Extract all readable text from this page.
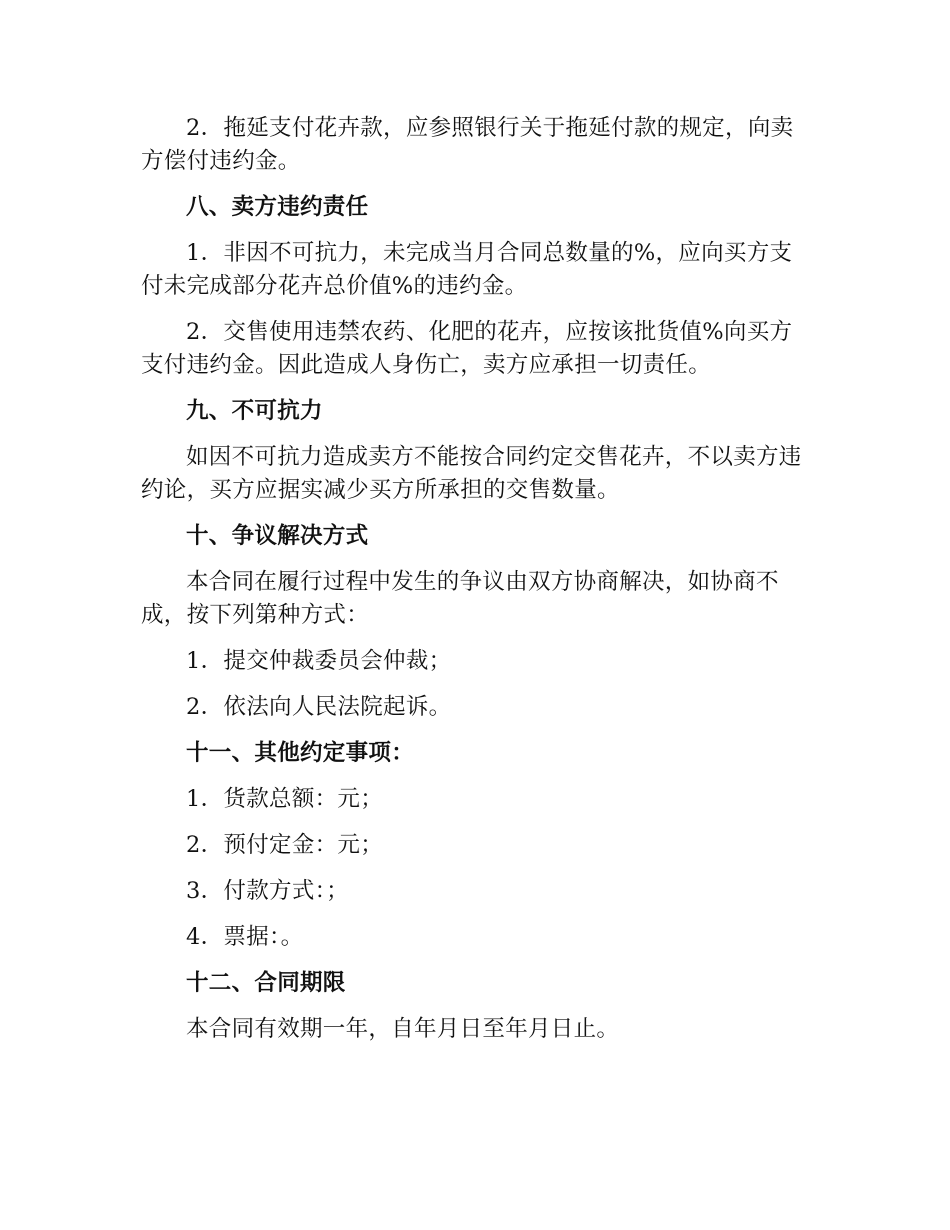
2．拖延支付花卉款，应参照银行关于拖延付款的规定，向卖方偿付违约金。

八、卖方违约责任

1．非因不可抗力，未完成当月合同总数量的%，应向买方支付未完成部分花卉总价值%的违约金。

2．交售使用违禁农药、化肥的花卉，应按该批货值%向买方支付违约金。因此造成人身伤亡，卖方应承担一切责任。

九、不可抗力

如因不可抗力造成卖方不能按合同约定交售花卉，不以卖方违约论，买方应据实减少买方所承担的交售数量。

十、争议解决方式

本合同在履行过程中发生的争议由双方协商解决，如协商不成，按下列第种方式：

1．提交仲裁委员会仲裁；

2．依法向人民法院起诉。

十一、其他约定事项：

1．货款总额：元；

2．预付定金：元；

3．付款方式：；

4．票据：。

十二、合同期限

本合同有效期一年，自年月日至年月日止。
